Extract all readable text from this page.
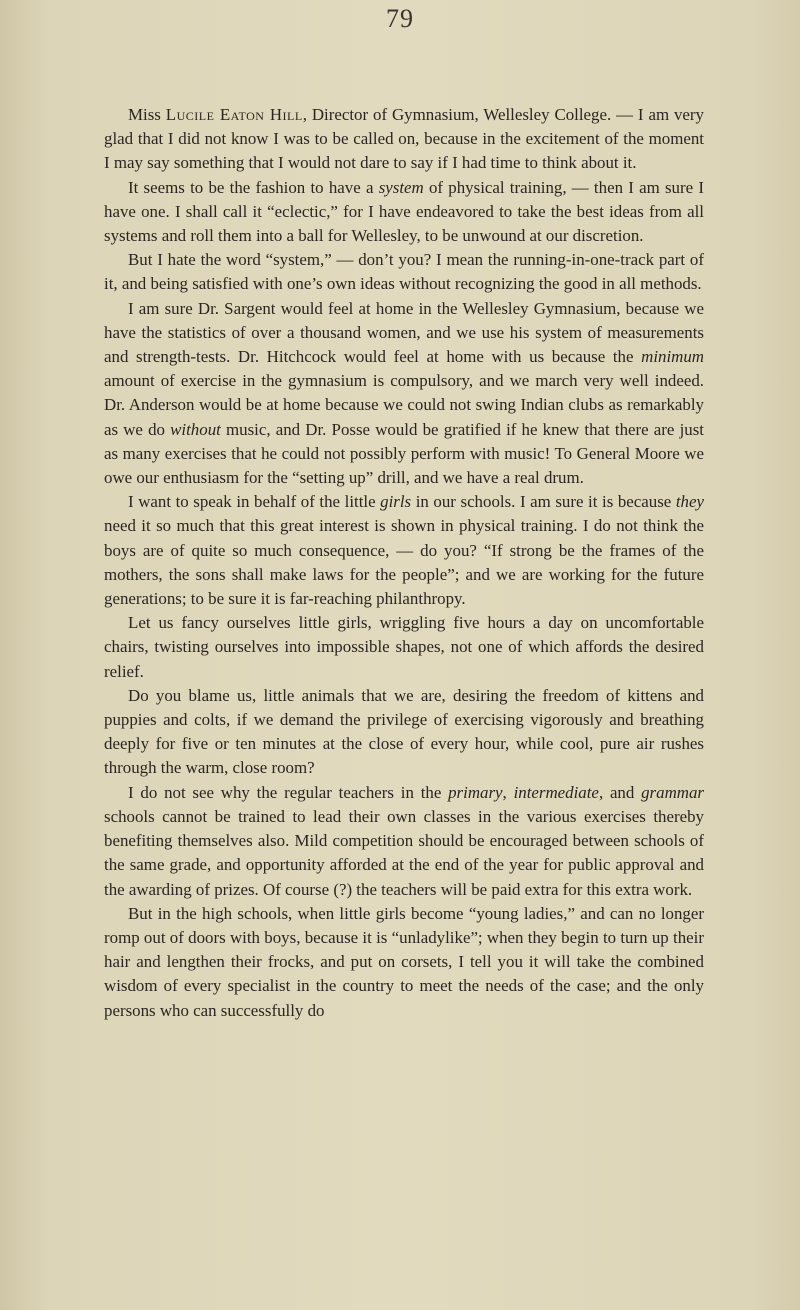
79

Miss Lucile Eaton Hill, Director of Gymnasium, Wellesley College. — I am very glad that I did not know I was to be called on, because in the excitement of the moment I may say something that I would not dare to say if I had time to think about it.

It seems to be the fashion to have a system of physical training, — then I am sure I have one. I shall call it “eclectic,” for I have endeavored to take the best ideas from all systems and roll them into a ball for Wellesley, to be unwound at our discretion.

But I hate the word “system,” — don’t you? I mean the running-in-one-track part of it, and being satisfied with one’s own ideas without recognizing the good in all methods.

I am sure Dr. Sargent would feel at home in the Wellesley Gymnasium, because we have the statistics of over a thousand women, and we use his system of measurements and strength-tests. Dr. Hitchcock would feel at home with us because the minimum amount of exercise in the gymnasium is compulsory, and we march very well indeed. Dr. Anderson would be at home because we could not swing Indian clubs as remarkably as we do without music, and Dr. Posse would be gratified if he knew that there are just as many exercises that he could not possibly perform with music! To General Moore we owe our enthusiasm for the “setting up” drill, and we have a real drum.

I want to speak in behalf of the little girls in our schools. I am sure it is because they need it so much that this great interest is shown in physical training. I do not think the boys are of quite so much consequence, — do you? “If strong be the frames of the mothers, the sons shall make laws for the people”; and we are working for the future generations; to be sure it is far-reaching philanthropy.

Let us fancy ourselves little girls, wriggling five hours a day on uncomfortable chairs, twisting ourselves into impossible shapes, not one of which affords the desired relief.

Do you blame us, little animals that we are, desiring the freedom of kittens and puppies and colts, if we demand the privilege of exercising vigorously and breathing deeply for five or ten minutes at the close of every hour, while cool, pure air rushes through the warm, close room?

I do not see why the regular teachers in the primary, intermediate, and grammar schools cannot be trained to lead their own classes in the various exercises thereby benefiting themselves also. Mild competition should be encouraged between schools of the same grade, and opportunity afforded at the end of the year for public approval and the awarding of prizes. Of course (?) the teachers will be paid extra for this extra work.

But in the high schools, when little girls become “young ladies,” and can no longer romp out of doors with boys, because it is “unladylike”; when they begin to turn up their hair and lengthen their frocks, and put on corsets, I tell you it will take the combined wisdom of every specialist in the country to meet the needs of the case; and the only persons who can successfully do
